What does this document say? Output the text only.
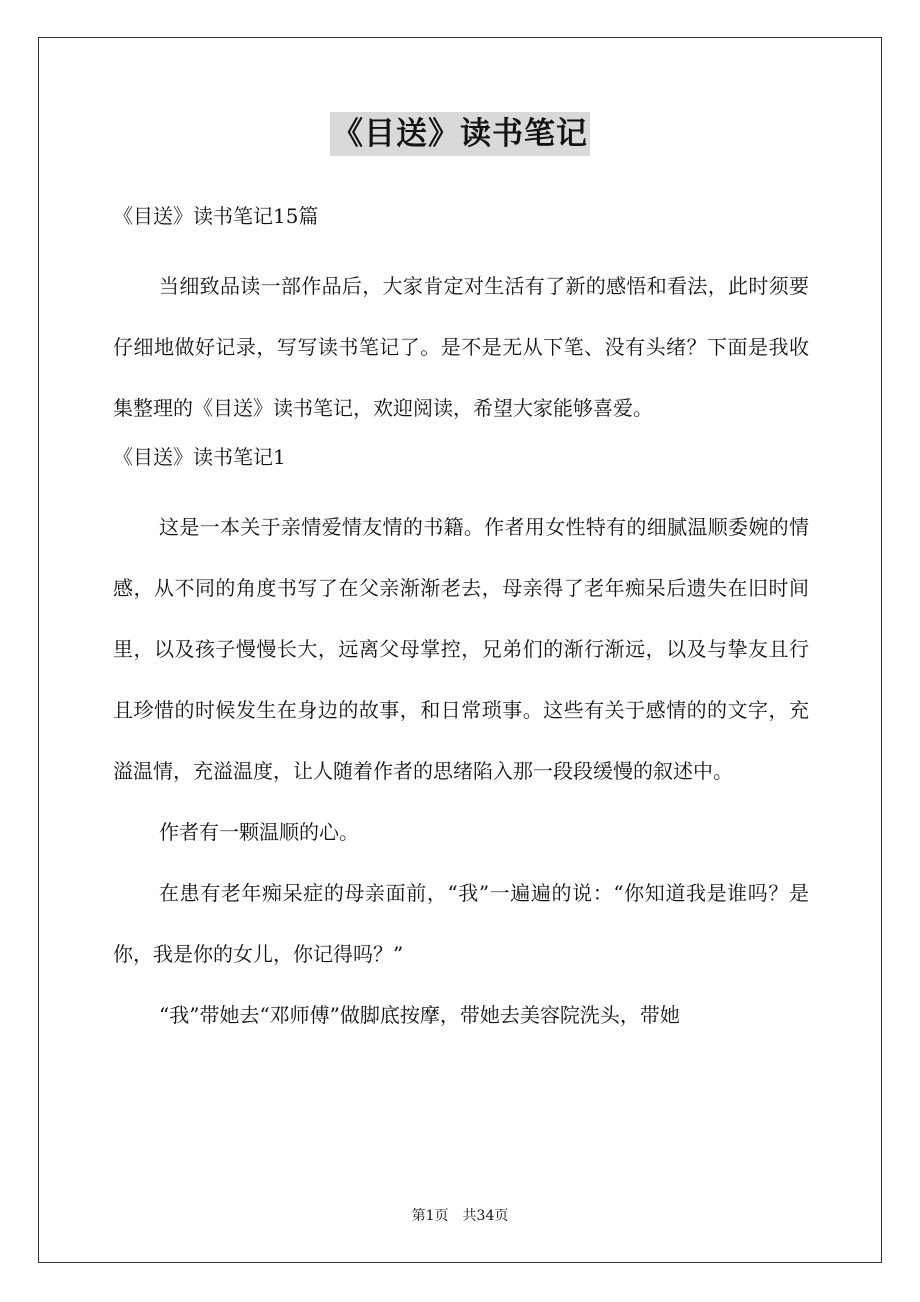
《目送》读书笔记

《目送》读书笔记15篇

当细致品读一部作品后，大家肯定对生活有了新的感悟和看法，此时须要仔细地做好记录，写写读书笔记了。是不是无从下笔、没有头绪？下面是我收集整理的《目送》读书笔记，欢迎阅读，希望大家能够喜爱。

《目送》读书笔记1

这是一本关于亲情爱情友情的书籍。作者用女性特有的细腻温顺委婉的情感，从不同的角度书写了在父亲渐渐老去，母亲得了老年痴呆后遗失在旧时间里，以及孩子慢慢长大，远离父母掌控，兄弟们的渐行渐远，以及与挚友且行且珍惜的时候发生在身边的故事，和日常琐事。这些有关于感情的的文字，充溢温情，充溢温度，让人随着作者的思绪陷入那一段段缓慢的叙述中。

作者有一颗温顺的心。

在患有老年痴呆症的母亲面前，“我”一遍遍的说：“你知道我是谁吗？是你，我是你的女儿，你记得吗？”

“我”带她去“邓师傅”做脚底按摩，带她去美容院洗头，带她

第1页 共34页
